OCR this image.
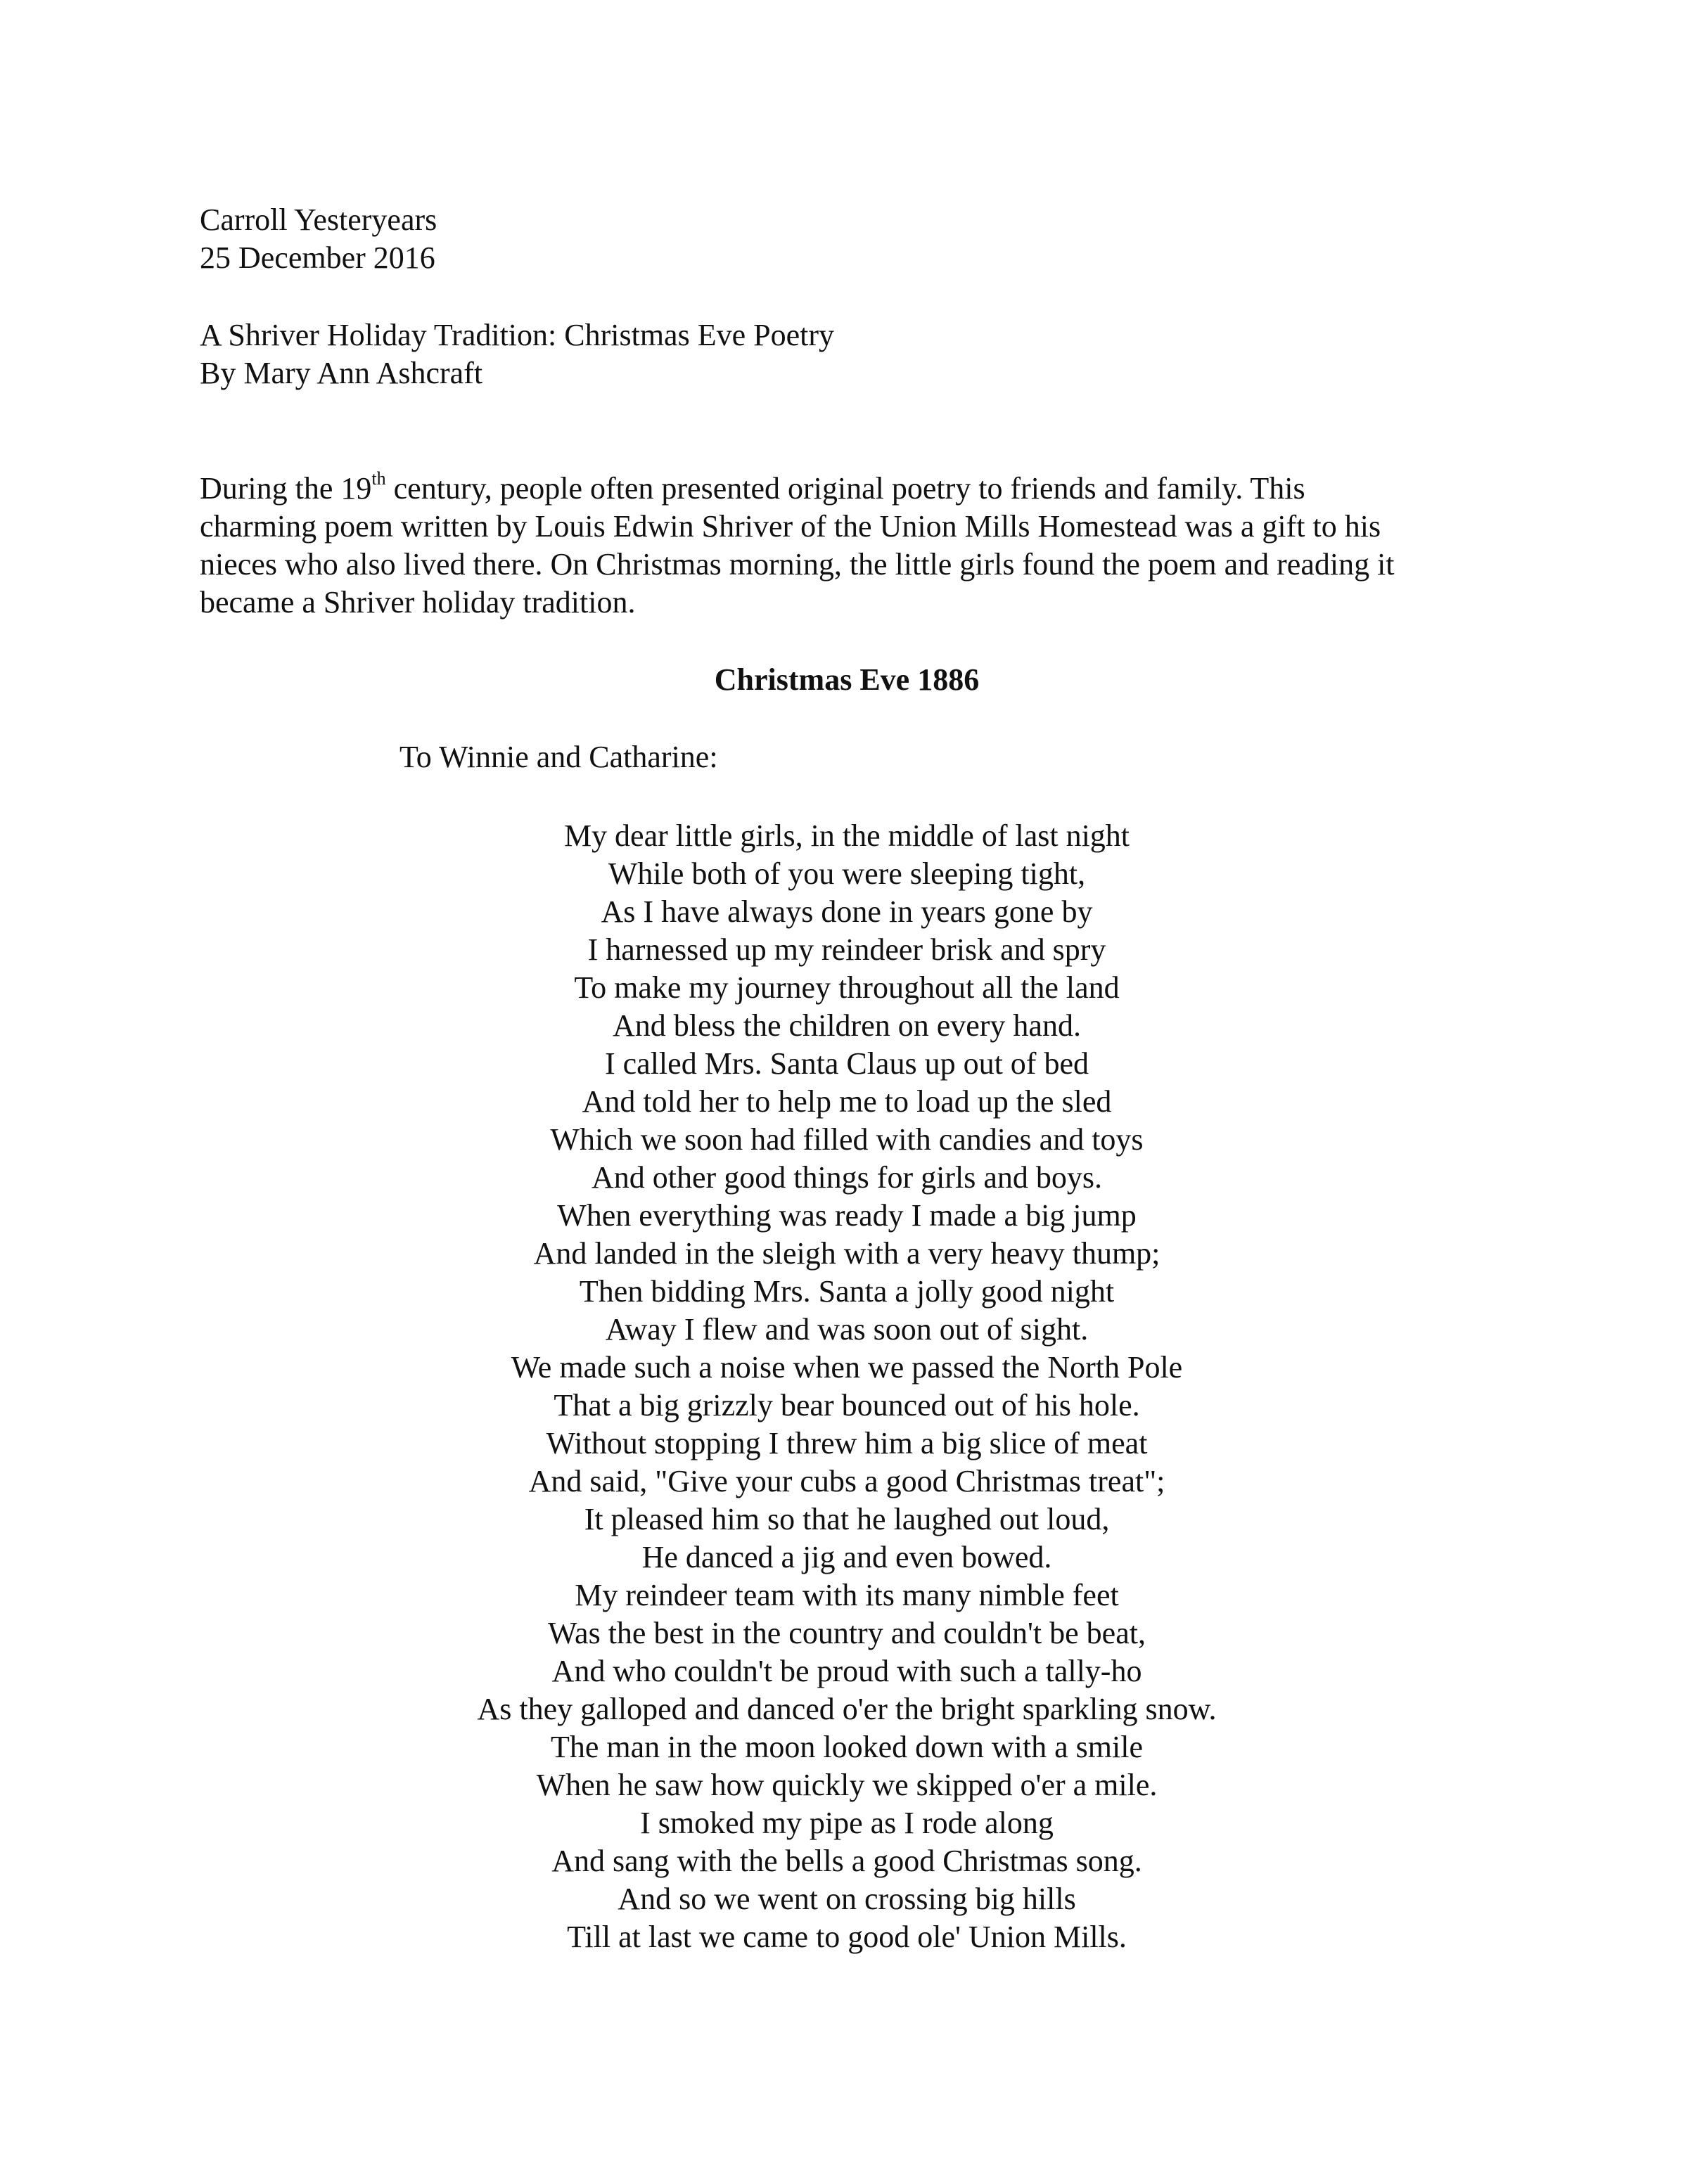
Carroll Yesteryears
25 December 2016
A Shriver Holiday Tradition: Christmas Eve Poetry
By Mary Ann Ashcraft
During the 19th century, people often presented original poetry to friends and family. This
charming poem written by Louis Edwin Shriver of the Union Mills Homestead was a gift to his
nieces who also lived there. On Christmas morning, the little girls found the poem and reading it
became a Shriver holiday tradition.
Christmas Eve 1886
To Winnie and Catharine:
My dear little girls, in the middle of last night
While both of you were sleeping tight,
As I have always done in years gone by
I harnessed up my reindeer brisk and spry
To make my journey throughout all the land
And bless the children on every hand.
I called Mrs. Santa Claus up out of bed
And told her to help me to load up the sled
Which we soon had filled with candies and toys
And other good things for girls and boys.
When everything was ready I made a big jump
And landed in the sleigh with a very heavy thump;
Then bidding Mrs. Santa a jolly good night
Away I flew and was soon out of sight.
We made such a noise when we passed the North Pole
That a big grizzly bear bounced out of his hole.
Without stopping I threw him a big slice of meat
And said, "Give your cubs a good Christmas treat";
It pleased him so that he laughed out loud,
He danced a jig and even bowed.
My reindeer team with its many nimble feet
Was the best in the country and couldn't be beat,
And who couldn't be proud with such a tally-ho
As they galloped and danced o'er the bright sparkling snow.
The man in the moon looked down with a smile
When he saw how quickly we skipped o'er a mile.
I smoked my pipe as I rode along
And sang with the bells a good Christmas song.
And so we went on crossing big hills
Till at last we came to good ole' Union Mills.
